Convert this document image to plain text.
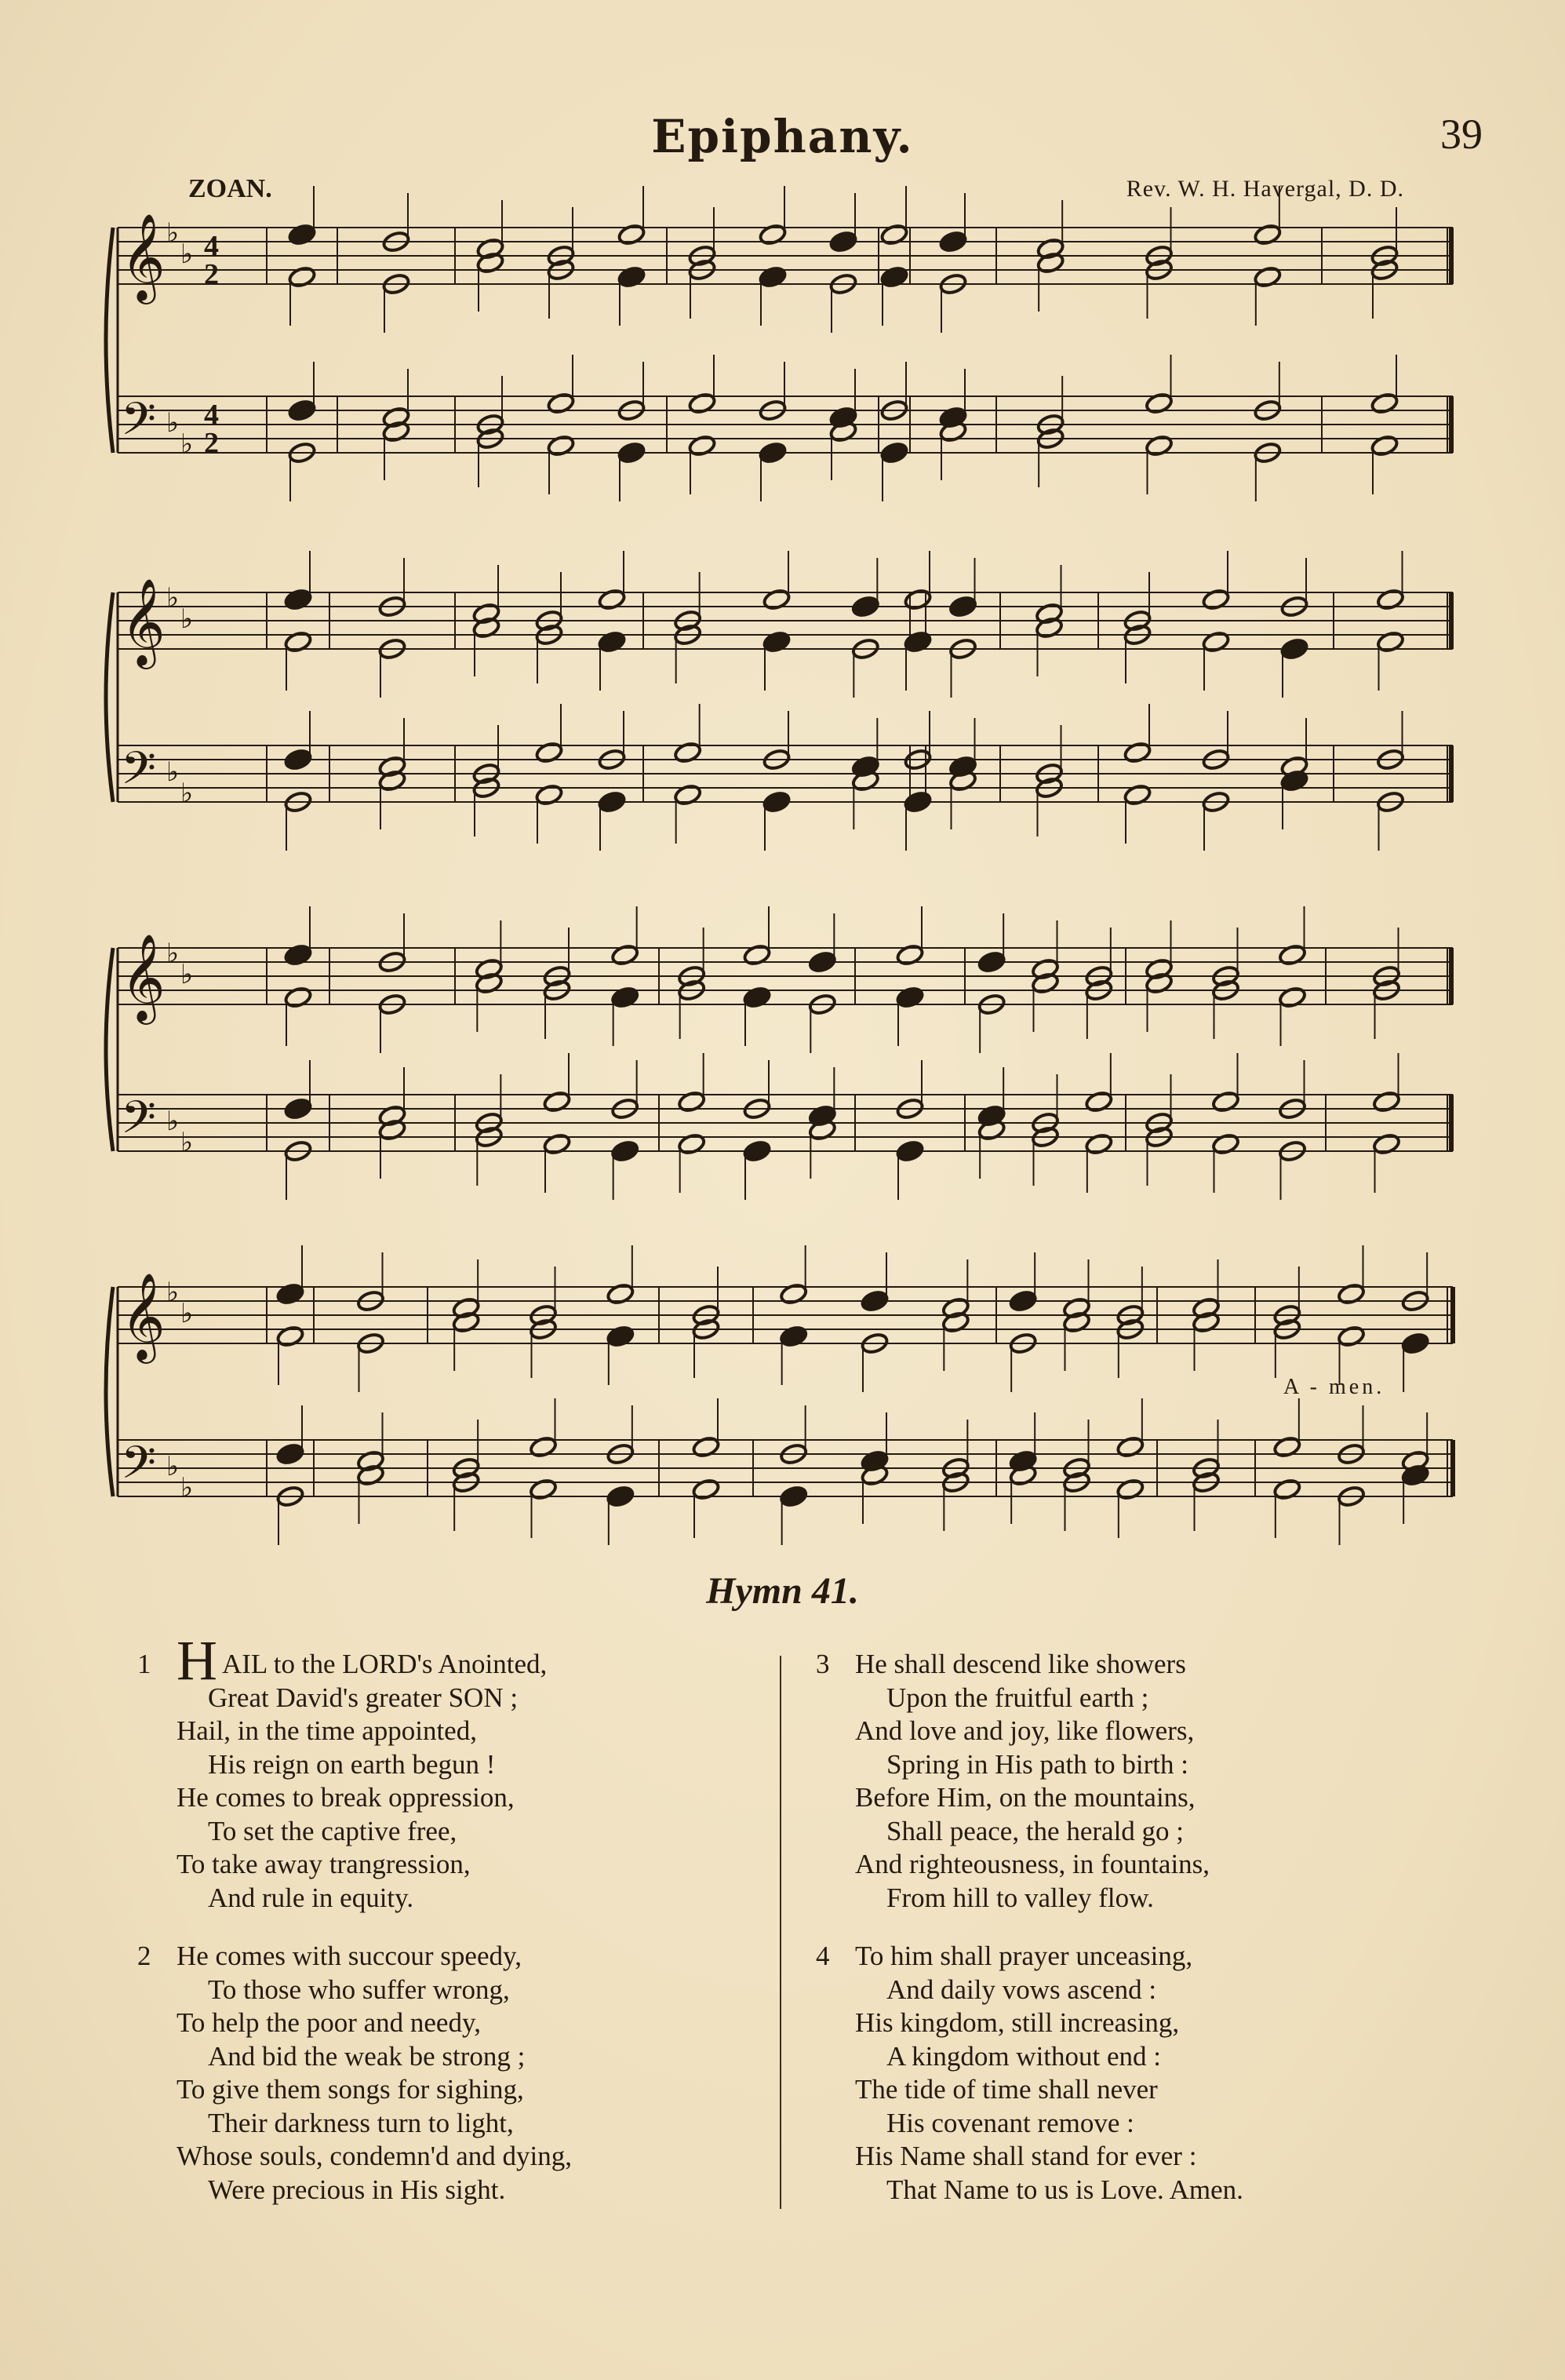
Epiphany.	39
ZOAN.	Rev. W. H. Havergal, D. D.
𝄞 ♭
♭ 4
2
𝄢 ♭
♭
4
2
𝄞 ♭
♭
𝄢 ♭
♭
𝄞 ♭
♭
𝄢 ♭
♭
𝄞 ♭
♭
𝄢 ♭
♭
A - men.
Hymn 41.
1 H AIL to the LORD's Anointed,
Great David's greater SON ;
Hail, in the time appointed,
His reign on earth begun !
He comes to break oppression,
To set the captive free,
To take away trangression,
And rule in equity.
2 He comes with succour speedy,
To those who suffer wrong,
To help the poor and needy,
And bid the weak be strong ;
To give them songs for sighing,
Their darkness turn to light,
Whose souls, condemn'd and dying,
Were precious in His sight.
3 He shall descend like showers
Upon the fruitful earth ;
And love and joy, like flowers,
Spring in His path to birth :
Before Him, on the mountains,
Shall peace, the herald go ;
And righteousness, in fountains,
From hill to valley flow.
4 To him shall prayer unceasing,
And daily vows ascend :
His kingdom, still increasing,
A kingdom without end :
The tide of time shall never
His covenant remove :
His Name shall stand for ever :
That Name to us is Love. Amen.
